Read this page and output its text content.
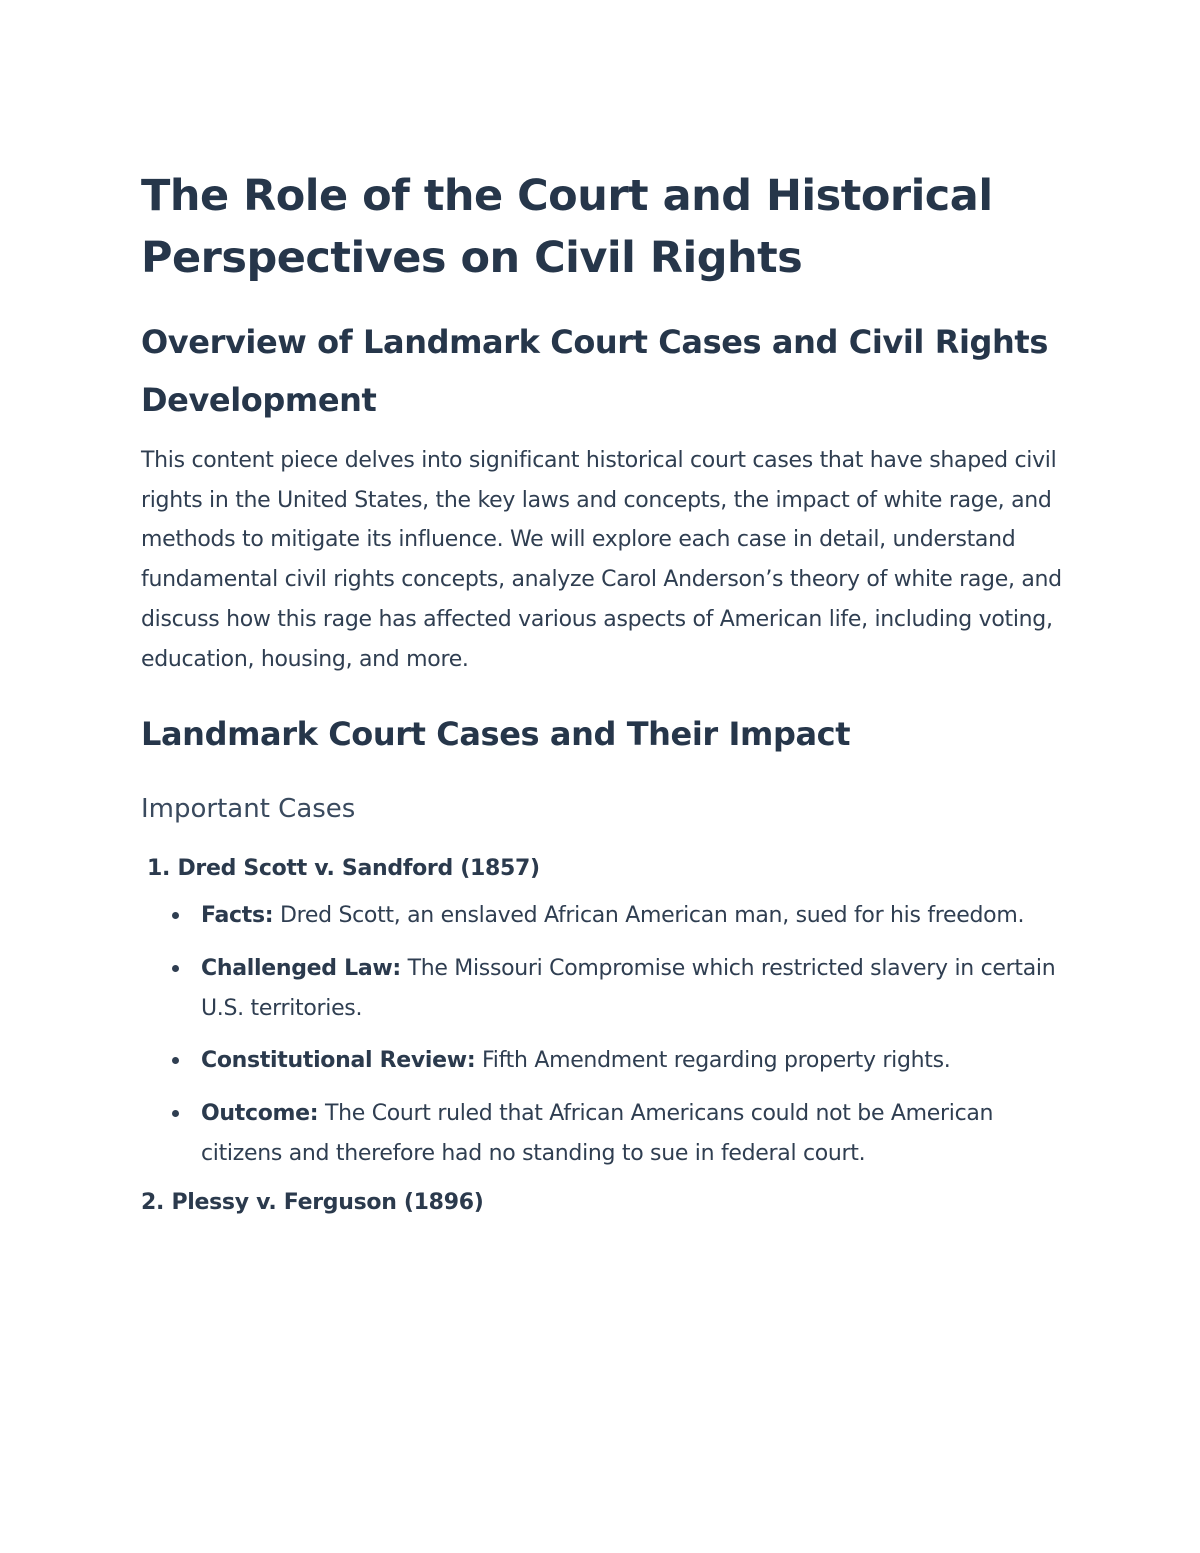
The Role of the Court and Historical Perspectives on Civil Rights
Overview of Landmark Court Cases and Civil Rights Development

This content piece delves into significant historical court cases that have shaped civil rights in the United States, the key laws and concepts, the impact of white rage, and methods to mitigate its influence. We will explore each case in detail, understand fundamental civil rights concepts, analyze Carol Anderson’s theory of white rage, and discuss how this rage has affected various aspects of American life, including voting, education, housing, and more.

Landmark Court Cases and Their Impact
Important Cases
1. Dred Scott v. Sandford (1857)
Facts: Dred Scott, an enslaved African American man, sued for his freedom.
Challenged Law: The Missouri Compromise which restricted slavery in certain U.S. territories.
Constitutional Review: Fifth Amendment regarding property rights.
Outcome: The Court ruled that African Americans could not be American citizens and therefore had no standing to sue in federal court.
2. Plessy v. Ferguson (1896)
